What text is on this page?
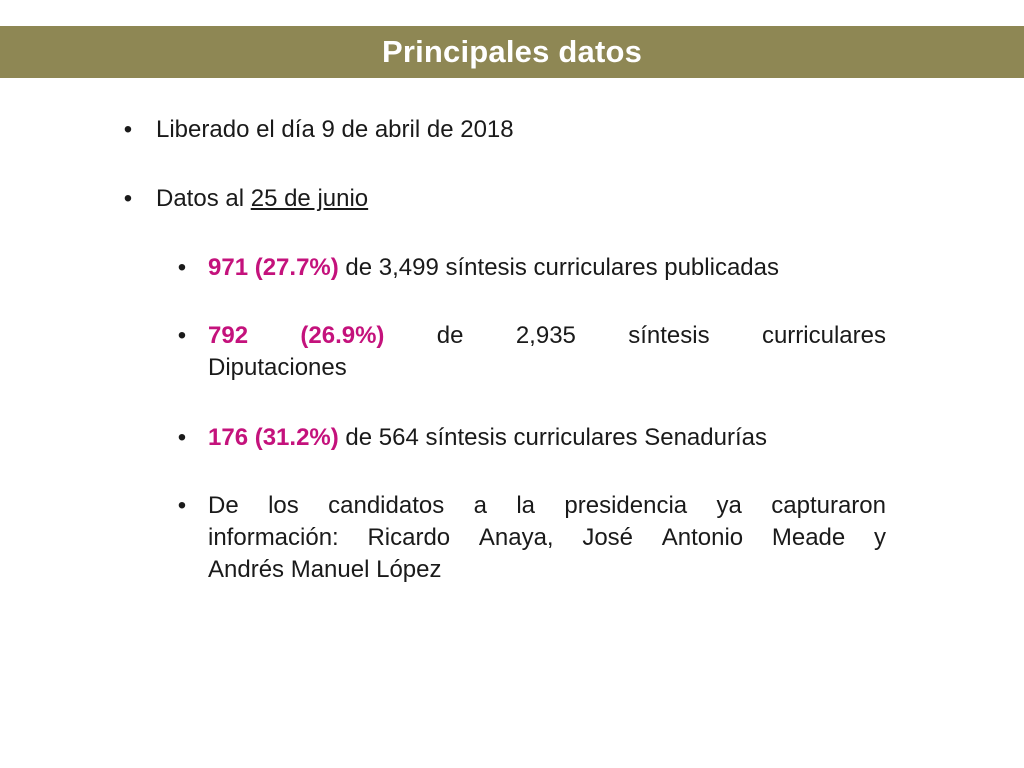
Principales datos
• Liberado el día 9 de abril de 2018
• Datos al 25 de junio
• 971 (27.7%) de 3,499 síntesis curriculares publicadas
• 792 (26.9%) de 2,935 síntesis curriculares
Diputaciones
• 176 (31.2%) de 564 síntesis curriculares Senadurías
• De los candidatos a la presidencia ya capturaron
información: Ricardo Anaya, José Antonio Meade y
Andrés Manuel López
